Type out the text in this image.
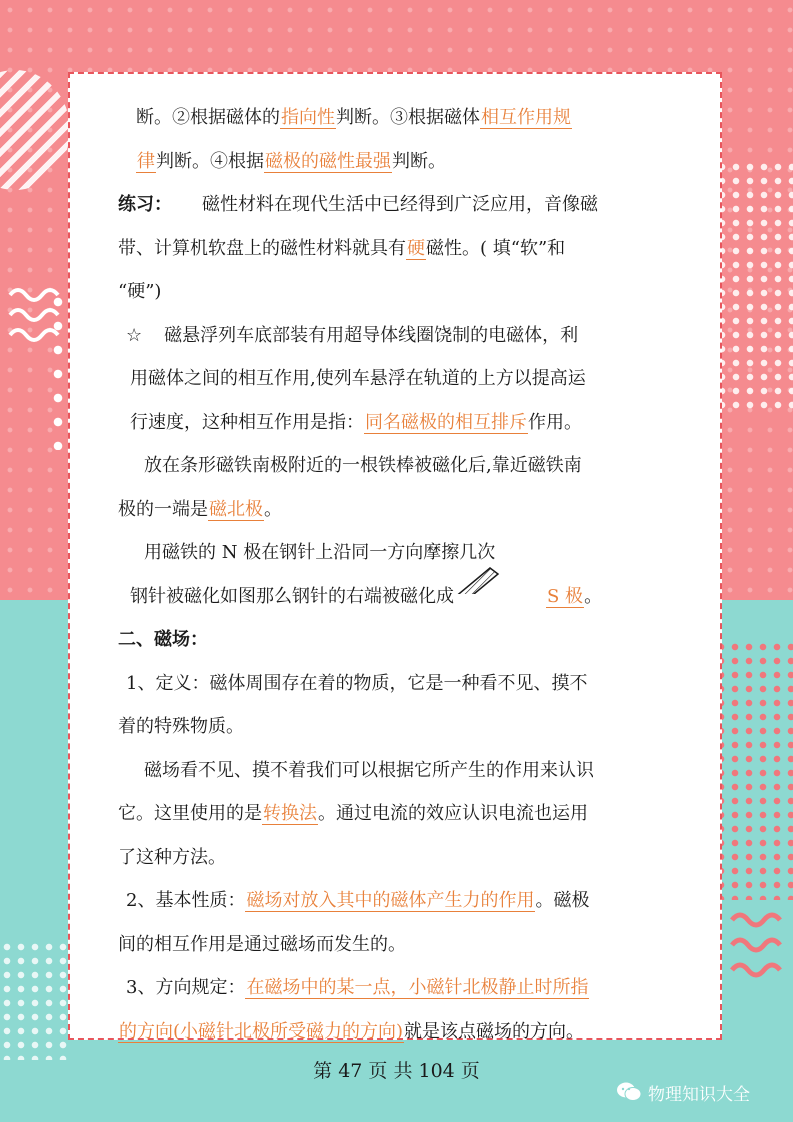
断。②根据磁体的指向性判断。③根据磁体相互作用规

律判断。④根据磁极的磁性最强判断。

练习： 磁性材料在现代生活中已经得到广泛应用，音像磁

带、计算机软盘上的磁性材料就具有硬磁性。( 填“软”和

“硬”)

☆ 磁悬浮列车底部装有用超导体线圈饶制的电磁体，利

用磁体之间的相互作用,使列车悬浮在轨道的上方以提高运

行速度，这种相互作用是指：同名磁极的相互排斥作用。

放在条形磁铁南极附近的一根铁棒被磁化后,靠近磁铁南

极的一端是磁北极。

用磁铁的 N 极在钢针上沿同一方向摩擦几次

钢针被磁化如图那么钢针的右端被磁化成	S 极。

二、磁场：

1、定义：磁体周围存在着的物质，它是一种看不见、摸不

着的特殊物质。

磁场看不见、摸不着我们可以根据它所产生的作用来认识

它。这里使用的是转换法。通过电流的效应认识电流也运用

了这种方法。

2、基本性质：磁场对放入其中的磁体产生力的作用。磁极

间的相互作用是通过磁场而发生的。

3、方向规定：在磁场中的某一点，小磁针北极静止时所指

的方向(小磁针北极所受磁力的方向)就是该点磁场的方向。

第 47 页 共 104 页
物理知识大全
